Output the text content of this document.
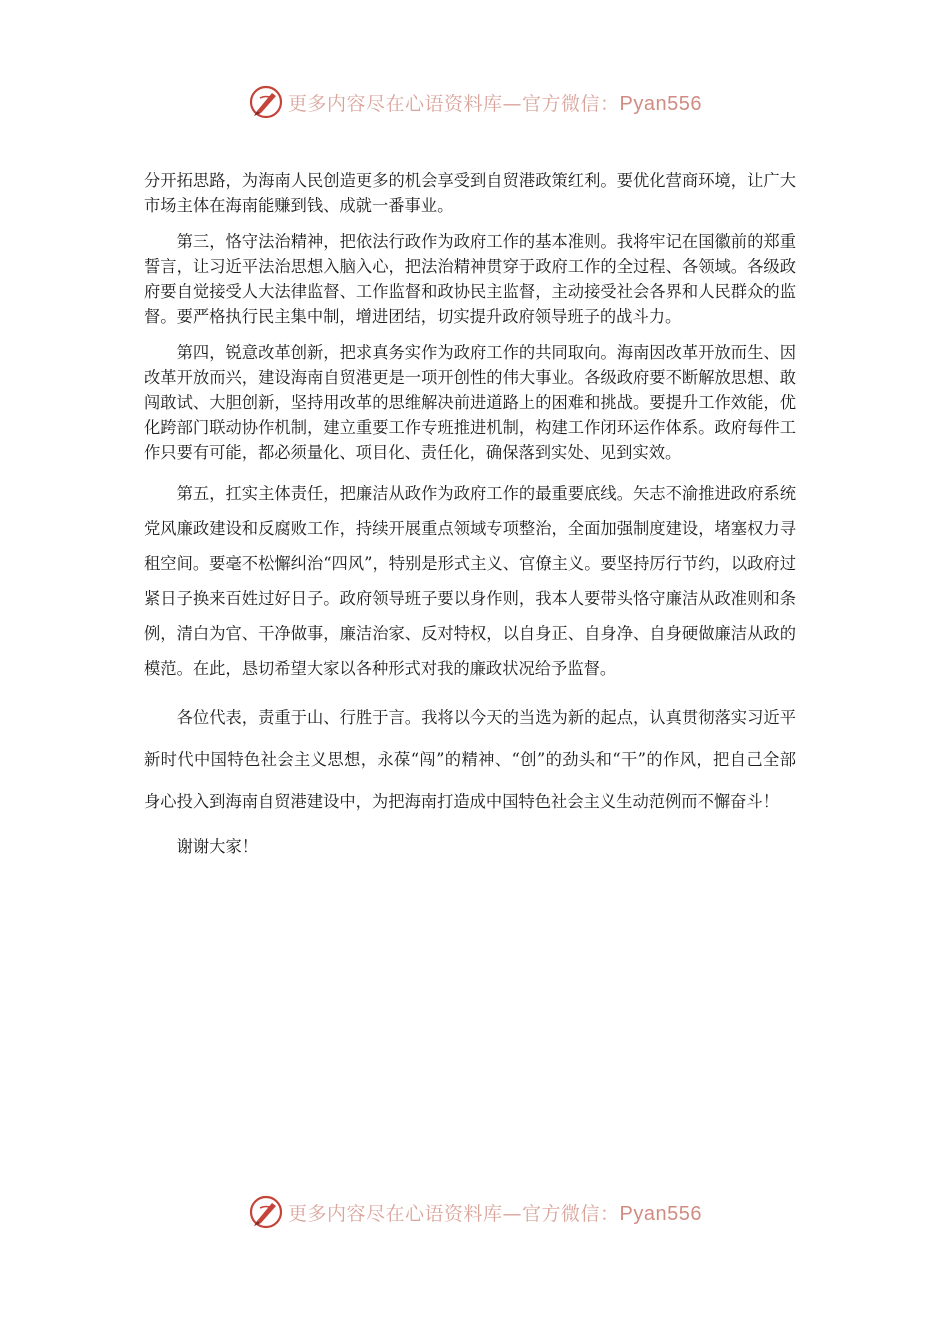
更多内容尽在心语资料库—官方微信：Pyan556

分开拓思路，为海南人民创造更多的机会享受到自贸港政策红利。要优化营商环境，让广大市场主体在海南能赚到钱、成就一番事业。

第三，恪守法治精神，把依法行政作为政府工作的基本准则。我将牢记在国徽前的郑重誓言，让习近平法治思想入脑入心，把法治精神贯穿于政府工作的全过程、各领域。各级政府要自觉接受人大法律监督、工作监督和政协民主监督，主动接受社会各界和人民群众的监督。要严格执行民主集中制，增进团结，切实提升政府领导班子的战斗力。

第四，锐意改革创新，把求真务实作为政府工作的共同取向。海南因改革开放而生、因改革开放而兴，建设海南自贸港更是一项开创性的伟大事业。各级政府要不断解放思想、敢闯敢试、大胆创新，坚持用改革的思维解决前进道路上的困难和挑战。要提升工作效能，优化跨部门联动协作机制，建立重要工作专班推进机制，构建工作闭环运作体系。政府每件工作只要有可能，都必须量化、项目化、责任化，确保落到实处、见到实效。

第五，扛实主体责任，把廉洁从政作为政府工作的最重要底线。矢志不渝推进政府系统党风廉政建设和反腐败工作，持续开展重点领域专项整治，全面加强制度建设，堵塞权力寻租空间。要毫不松懈纠治“四风”，特别是形式主义、官僚主义。要坚持厉行节约，以政府过紧日子换来百姓过好日子。政府领导班子要以身作则，我本人要带头恪守廉洁从政准则和条例，清白为官、干净做事，廉洁治家、反对特权，以自身正、自身净、自身硬做廉洁从政的模范。在此，恳切希望大家以各种形式对我的廉政状况给予监督。

各位代表，责重于山、行胜于言。我将以今天的当选为新的起点，认真贯彻落实习近平新时代中国特色社会主义思想，永葆“闯”的精神、“创”的劲头和“干”的作风，把自己全部身心投入到海南自贸港建设中，为把海南打造成中国特色社会主义生动范例而不懈奋斗！

谢谢大家！

更多内容尽在心语资料库—官方微信：Pyan556
